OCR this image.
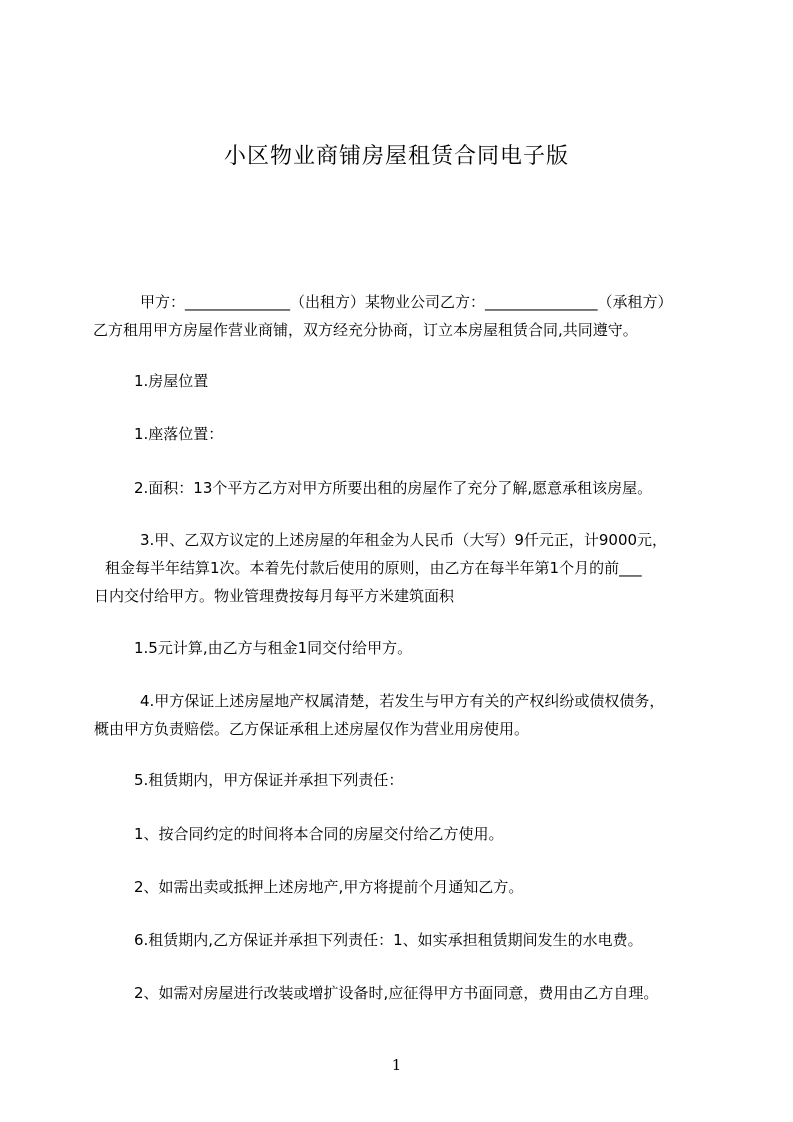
小区物业商铺房屋租赁合同电子版
甲方：______________（出租方）某物业公司乙方：_______________（承租方）
乙方租用甲方房屋作营业商铺，双方经充分协商，订立本房屋租赁合同,共同遵守。
1.房屋位置
1.座落位置：
2.面积：13个平方乙方对甲方所要出租的房屋作了充分了解,愿意承租该房屋。
3.甲、乙双方议定的上述房屋的年租金为人民币（大写）9仟元正，计9000元，
租金每半年结算1次。本着先付款后使用的原则，由乙方在每半年第1个月的前___
日内交付给甲方。物业管理费按每月每平方米建筑面积
1.5元计算,由乙方与租金1同交付给甲方。
4.甲方保证上述房屋地产权属清楚，若发生与甲方有关的产权纠纷或债权债务，
概由甲方负责赔偿。乙方保证承租上述房屋仅作为营业用房使用。
5.租赁期内，甲方保证并承担下列责任：
1、按合同约定的时间将本合同的房屋交付给乙方使用。
2、如需出卖或抵押上述房地产,甲方将提前个月通知乙方。
6.租赁期内,乙方保证并承担下列责任：1、如实承担租赁期间发生的水电费。
2、如需对房屋进行改装或增扩设备时,应征得甲方书面同意，费用由乙方自理。
1
